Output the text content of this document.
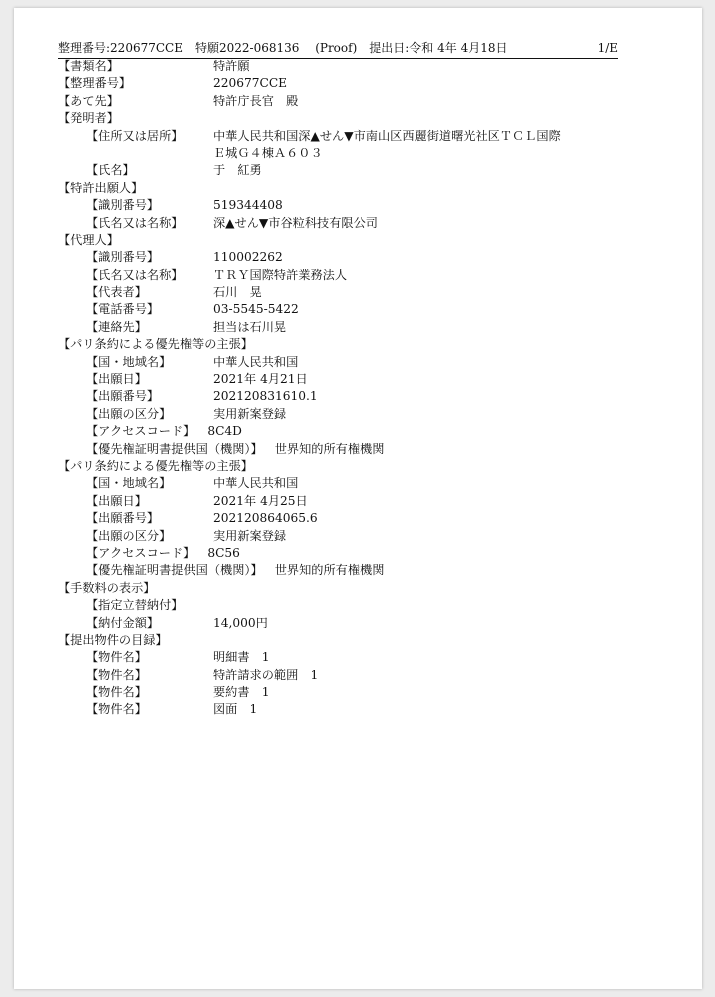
整理番号:220677CCE　特願2022-068136　 (Proof)　提出日:令和 4年 4月18日	1/E
【書類名】	特許願
【整理番号】	220677CCE
【あて先】	特許庁長官　殿
【発明者】
【住所又は居所】 中華人民共和国深▲せん▼市南山区西麗街道曙光社区ＴＣＬ国際
Ｅ城Ｇ４棟Ａ６０３
【氏名】	于　紅勇
【特許出願人】
【識別番号】	519344408
【氏名又は名称】 深▲せん▼市谷粒科技有限公司
【代理人】
【識別番号】	110002262
【氏名又は名称】 ＴＲＹ国際特許業務法人
【代表者】	石川　晃
【電話番号】	03-5545-5422
【連絡先】	担当は石川晃
【パリ条約による優先権等の主張】
【国・地域名】	中華人民共和国
【出願日】	2021年 4月21日
【出願番号】	202120831610.1
【出願の区分】	実用新案登録
【アクセスコード】 8C4D
【優先権証明書提供国（機関）】 世界知的所有権機関
【パリ条約による優先権等の主張】
【国・地域名】	中華人民共和国
【出願日】	2021年 4月25日
【出願番号】	202120864065.6
【出願の区分】	実用新案登録
【アクセスコード】 8C56
【優先権証明書提供国（機関）】 世界知的所有権機関
【手数料の表示】
【指定立替納付】
【納付金額】	14,000円
【提出物件の目録】
【物件名】	明細書　1
【物件名】	特許請求の範囲　1
【物件名】	要約書　1
【物件名】	図面　1
